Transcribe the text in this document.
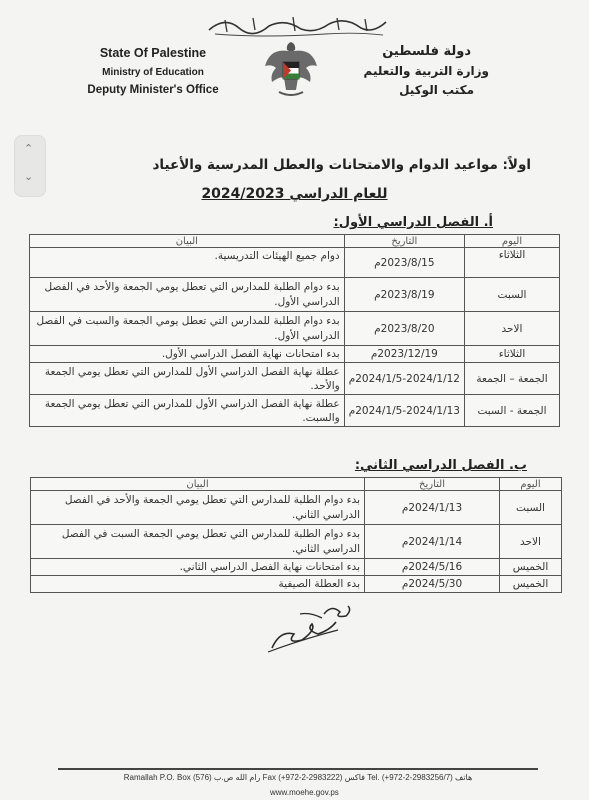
State Of Palestine
Ministry of Education
Deputy Minister's Office
دولة فلسطين
وزارة التربية والتعليم
مكتب الوكيل
⌃
⌄
اولاً: مواعيد الدوام والامتحانات والعطل المدرسية والأعياد
للعام الدراسي 2024/2023
أ. الفصل الدراسي الأول:
اليوم	التاريخ	البيان
الثلاثاء	2023/8/15م	دوام جميع الهيئات التدريسية.
السبت	2023/8/19م	بدء دوام الطلبة للمدارس التي تعطل يومي الجمعة والأحد في الفصل الدراسي الأول.
الاحد	2023/8/20م	بدء دوام الطلبة للمدارس التي تعطل يومي الجمعة والسبت في الفصل الدراسي الأول.
الثلاثاء	2023/12/19م	بدء امتحانات نهاية الفصل الدراسي الأول.
الجمعة – الجمعة	2024/1/5-2024/1/12م	عطلة نهاية الفصل الدراسي الأول للمدارس التي تعطل يومي الجمعة والأحد.
الجمعة - السبت	2024/1/5-2024/1/13م	عطلة نهاية الفصل الدراسي الأول للمدارس التي تعطل يومي الجمعة والسبت.
ب. الفصل الدراسي الثاني:
اليوم	التاريخ	البيان
السبت	2024/1/13م	بدء دوام الطلبة للمدارس التي تعطل يومي الجمعة والأحد في الفصل الدراسي الثاني.
الاحد	2024/1/14م	بدء دوام الطلبة للمدارس التي تعطل يومي الجمعة السبت في الفصل الدراسي الثاني.
الخميس	2024/5/16م	بدء امتحانات نهاية الفصل الدراسي الثاني.
الخميس	2024/5/30م	بدء العطلة الصيفية
Ramallah P.O. Box (576) رام الله ص.ب Fax (+972-2-2983222) فاكس Tel. (+972-2-2983256/7) هاتف
www.moehe.gov.ps
